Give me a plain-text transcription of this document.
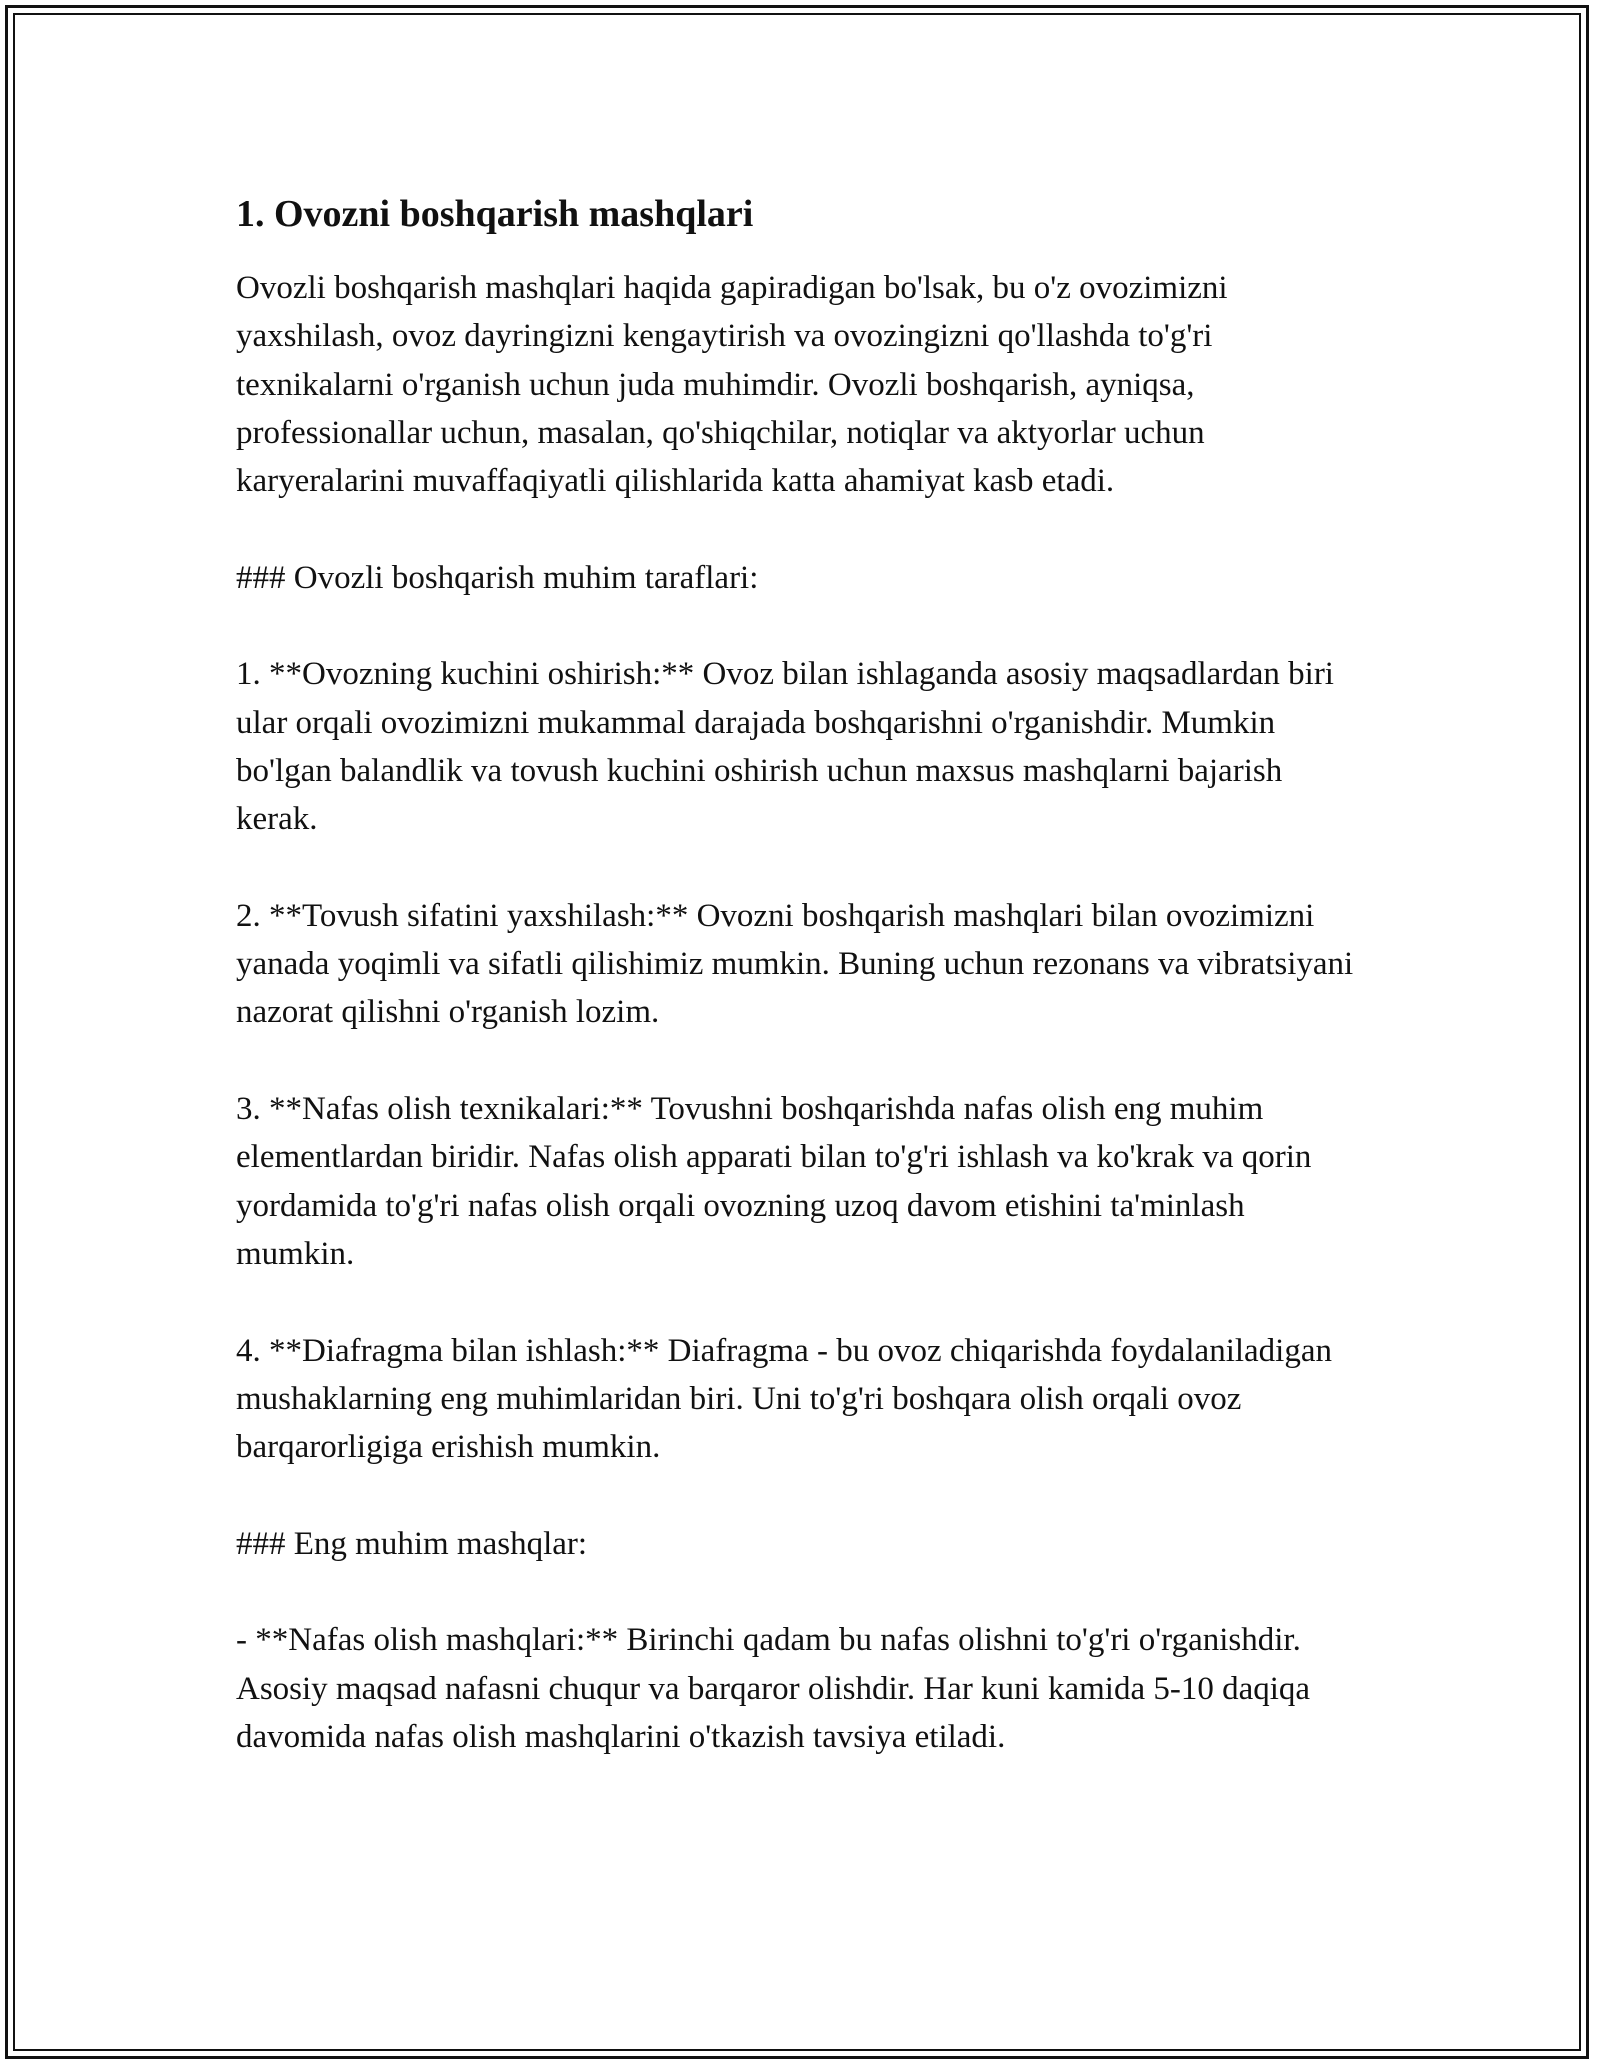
1. Ovozni boshqarish mashqlari

Ovozli boshqarish mashqlari haqida gapiradigan bo'lsak, bu o'z ovozimizni yaxshilash, ovoz dayringizni kengaytirish va ovozingizni qo'llashda to'g'ri texnikalarni o'rganish uchun juda muhimdir. Ovozli boshqarish, ayniqsa, professionallar uchun, masalan, qo'shiqchilar, notiqlar va aktyorlar uchun karyeralarini muvaffaqiyatli qilishlarida katta ahamiyat kasb etadi.

### Ovozli boshqarish muhim taraflari:

1. **Ovozning kuchini oshirish:** Ovoz bilan ishlaganda asosiy maqsadlardan biri ular orqali ovozimizni mukammal darajada boshqarishni o'rganishdir. Mumkin bo'lgan balandlik va tovush kuchini oshirish uchun maxsus mashqlarni bajarish kerak.

2. **Tovush sifatini yaxshilash:** Ovozni boshqarish mashqlari bilan ovozimizni yanada yoqimli va sifatli qilishimiz mumkin. Buning uchun rezonans va vibratsiyani nazorat qilishni o'rganish lozim.

3. **Nafas olish texnikalari:** Tovushni boshqarishda nafas olish eng muhim elementlardan biridir. Nafas olish apparati bilan to'g'ri ishlash va ko'krak va qorin yordamida to'g'ri nafas olish orqali ovozning uzoq davom etishini ta'minlash mumkin.

4. **Diafragma bilan ishlash:** Diafragma - bu ovoz chiqarishda foydalaniladigan mushaklarning eng muhimlaridan biri. Uni to'g'ri boshqara olish orqali ovoz barqarorligiga erishish mumkin.

### Eng muhim mashqlar:

- **Nafas olish mashqlari:** Birinchi qadam bu nafas olishni to'g'ri o'rganishdir. Asosiy maqsad nafasni chuqur va barqaror olishdir. Har kuni kamida 5-10 daqiqa davomida nafas olish mashqlarini o'tkazish tavsiya etiladi.
